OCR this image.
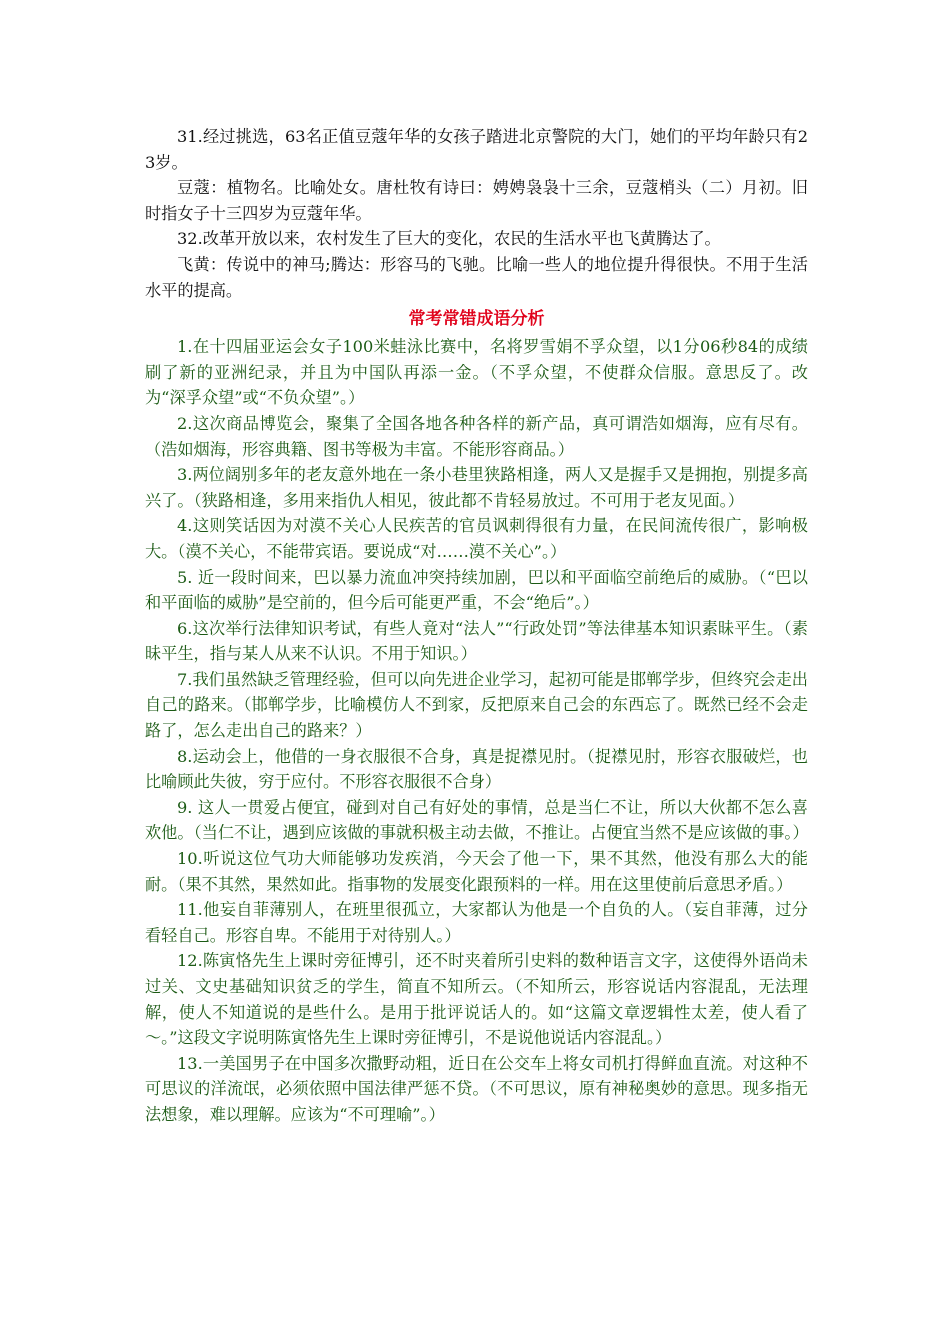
31.经过挑选，63名正值豆蔻年华的女孩子踏进北京警院的大门，她们的平均年龄只有23岁。

豆蔻：植物名。比喻处女。唐杜牧有诗曰：娉娉袅袅十三余，豆蔻梢头（二）月初。旧时指女子十三四岁为豆蔻年华。

32.改革开放以来，农村发生了巨大的变化，农民的生活水平也飞黄腾达了。

飞黄：传说中的神马;腾达：形容马的飞驰。比喻一些人的地位提升得很快。不用于生活水平的提高。

常考常错成语分析

1.在十四届亚运会女子100米蛙泳比赛中，名将罗雪娟不孚众望，以1分06秒84的成绩刷了新的亚洲纪录，并且为中国队再添一金。（不孚众望，不使群众信服。意思反了。改为“深孚众望”或“不负众望”。）

2.这次商品博览会，聚集了全国各地各种各样的新产品，真可谓浩如烟海，应有尽有。（浩如烟海，形容典籍、图书等极为丰富。不能形容商品。）

3.两位阔别多年的老友意外地在一条小巷里狭路相逢，两人又是握手又是拥抱，别提多高兴了。（狭路相逢，多用来指仇人相见，彼此都不肯轻易放过。不可用于老友见面。）

4.这则笑话因为对漠不关心人民疾苦的官员讽刺得很有力量，在民间流传很广，影响极大。（漠不关心，不能带宾语。要说成“对……漠不关心”。）

5. 近一段时间来，巴以暴力流血冲突持续加剧，巴以和平面临空前绝后的威胁。（“巴以和平面临的威胁”是空前的，但今后可能更严重，不会“绝后”。）

6.这次举行法律知识考试，有些人竟对“法人”“行政处罚”等法律基本知识素昧平生。（素昧平生，指与某人从来不认识。不用于知识。）

7.我们虽然缺乏管理经验，但可以向先进企业学习，起初可能是邯郸学步，但终究会走出自己的路来。（邯郸学步，比喻模仿人不到家，反把原来自己会的东西忘了。既然已经不会走路了，怎么走出自己的路来？）

8.运动会上，他借的一身衣服很不合身，真是捉襟见肘。（捉襟见肘，形容衣服破烂，也比喻顾此失彼，穷于应付。不形容衣服很不合身）

9. 这人一贯爱占便宜，碰到对自己有好处的事情，总是当仁不让，所以大伙都不怎么喜欢他。（当仁不让，遇到应该做的事就积极主动去做，不推让。占便宜当然不是应该做的事。）

10.听说这位气功大师能够功发疾消，今天会了他一下，果不其然，他没有那么大的能耐。（果不其然，果然如此。指事物的发展变化跟预料的一样。用在这里使前后意思矛盾。）

11.他妄自菲薄别人，在班里很孤立，大家都认为他是一个自负的人。（妄自菲薄，过分看轻自己。形容自卑。不能用于对待别人。）

12.陈寅恪先生上课时旁征博引，还不时夹着所引史料的数种语言文字，这使得外语尚未过关、文史基础知识贫乏的学生，简直不知所云。（不知所云，形容说话内容混乱，无法理解，使人不知道说的是些什么。是用于批评说话人的。如“这篇文章逻辑性太差，使人看了～。”这段文字说明陈寅恪先生上课时旁征博引，不是说他说话内容混乱。）

13.一美国男子在中国多次撒野动粗，近日在公交车上将女司机打得鲜血直流。对这种不可思议的洋流氓，必须依照中国法律严惩不贷。（不可思议，原有神秘奥妙的意思。现多指无法想象，难以理解。应该为“不可理喻”。）
